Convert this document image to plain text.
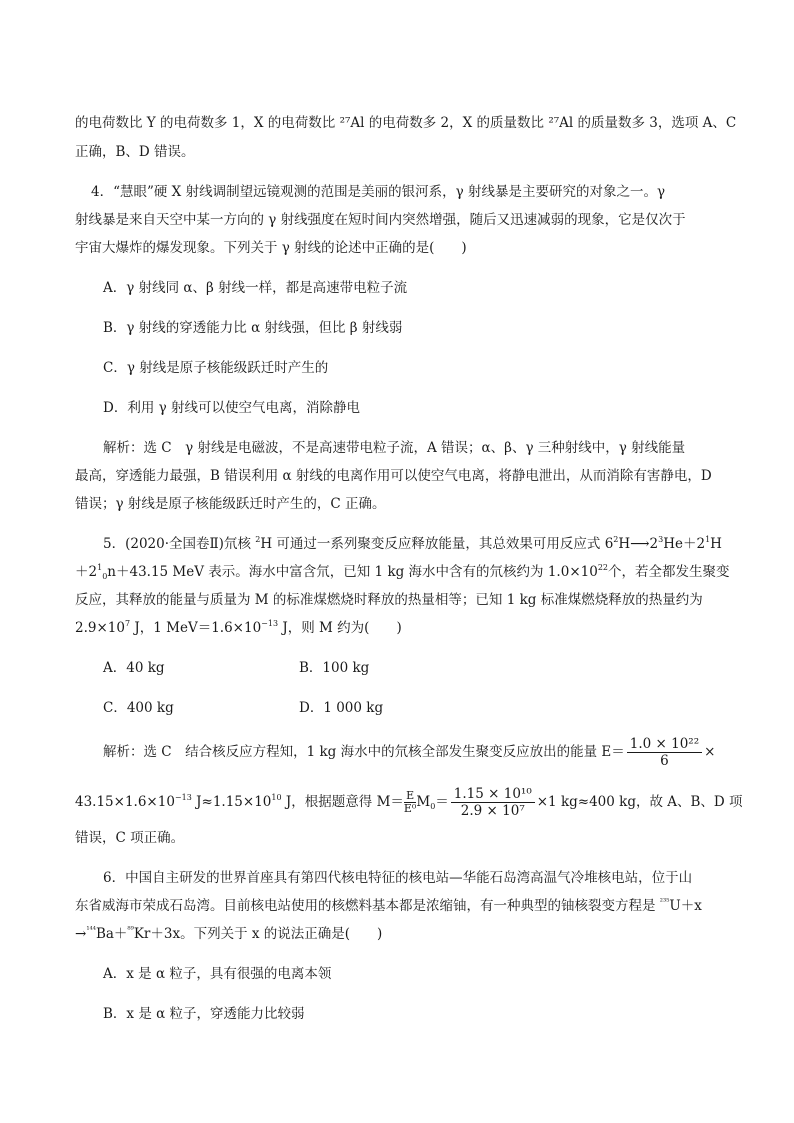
的电荷数比 Y 的电荷数多 1，X 的电荷数比 ²⁷Al 的电荷数多 2，X 的质量数比 ²⁷Al 的质量数多 3，选项 A、C
正确，B、D 错误。
4．“慧眼”硬 X 射线调制望远镜观测的范围是美丽的银河系，γ 射线暴是主要研究的对象之一。γ
射线暴是来自天空中某一方向的 γ 射线强度在短时间内突然增强，随后又迅速减弱的现象，它是仅次于
宇宙大爆炸的爆发现象。下列关于 γ 射线的论述中正确的是(　　)
A．γ 射线同 α、β 射线一样，都是高速带电粒子流
B．γ 射线的穿透能力比 α 射线强，但比 β 射线弱
C．γ 射线是原子核能级跃迁时产生的
D．利用 γ 射线可以使空气电离，消除静电
解析：选 C　γ 射线是电磁波，不是高速带电粒子流，A 错误；α、β、γ 三种射线中，γ 射线能量
最高，穿透能力最强，B 错误利用 α 射线的电离作用可以使空气电离，将静电泄出，从而消除有害静电，D
错误；γ 射线是原子核能级跃迁时产生的，C 正确。
5．(2020·全国卷Ⅱ)氘核 $^2$H 可通过一系列聚变反应释放能量，其总效果可用反应式 $6^2H⟶2^3He+2^1H$
$+2^1_0n+43.15$ MeV 表示。海水中富含氘，已知 1 kg 海水中含有的氘核约为 $1.0\times 10^{22}$个，若全都发生聚变
反应，其释放的能量与质量为 M 的标准煤燃烧时释放的热量相等；已知 1 kg 标准煤燃烧释放的热量约为
$2.9\times 10^7$ J，1 $MeV=1.6\times 10^{-13}$ J，则 M 约为(　　)
A．40 kg	B．100 kg
C．400 kg	D．1 000 kg
解析：选 C　结合核反应方程知，1 kg 海水中的氘核全部发生聚变反应放出的能量 $E= \frac{\text{1.0 × 10²²}}{6}$ ×
$43.15\times 1.6\times 10^{-13}$ $J\approx 1.15\times 10^{10}$ J，根据题意得 $M= \frac{E}{\text{E⁰}} M_0= \frac{\text{1.15 × 10¹⁰}}{\text{2.9 × 10⁷}} \times 1$ kg≈400 kg，故 A、B、D 项
错误，C 项正确。
6．中国自主研发的世界首座具有第四代核电特征的核电站—华能石岛湾高温气冷堆核电站，位于山
东省威海市荣成石岛湾。目前核电站使用的核燃料基本都是浓缩铀，有一种典型的铀核裂变方程是 $^{^{235}}$U＋x
→$^{^{144}}$Ba＋$^{^{89}}$Kr＋3x。下列关于 x 的说法正确是(　　)
A．x 是 α 粒子，具有很强的电离本领
B．x 是 α 粒子，穿透能力比较弱
